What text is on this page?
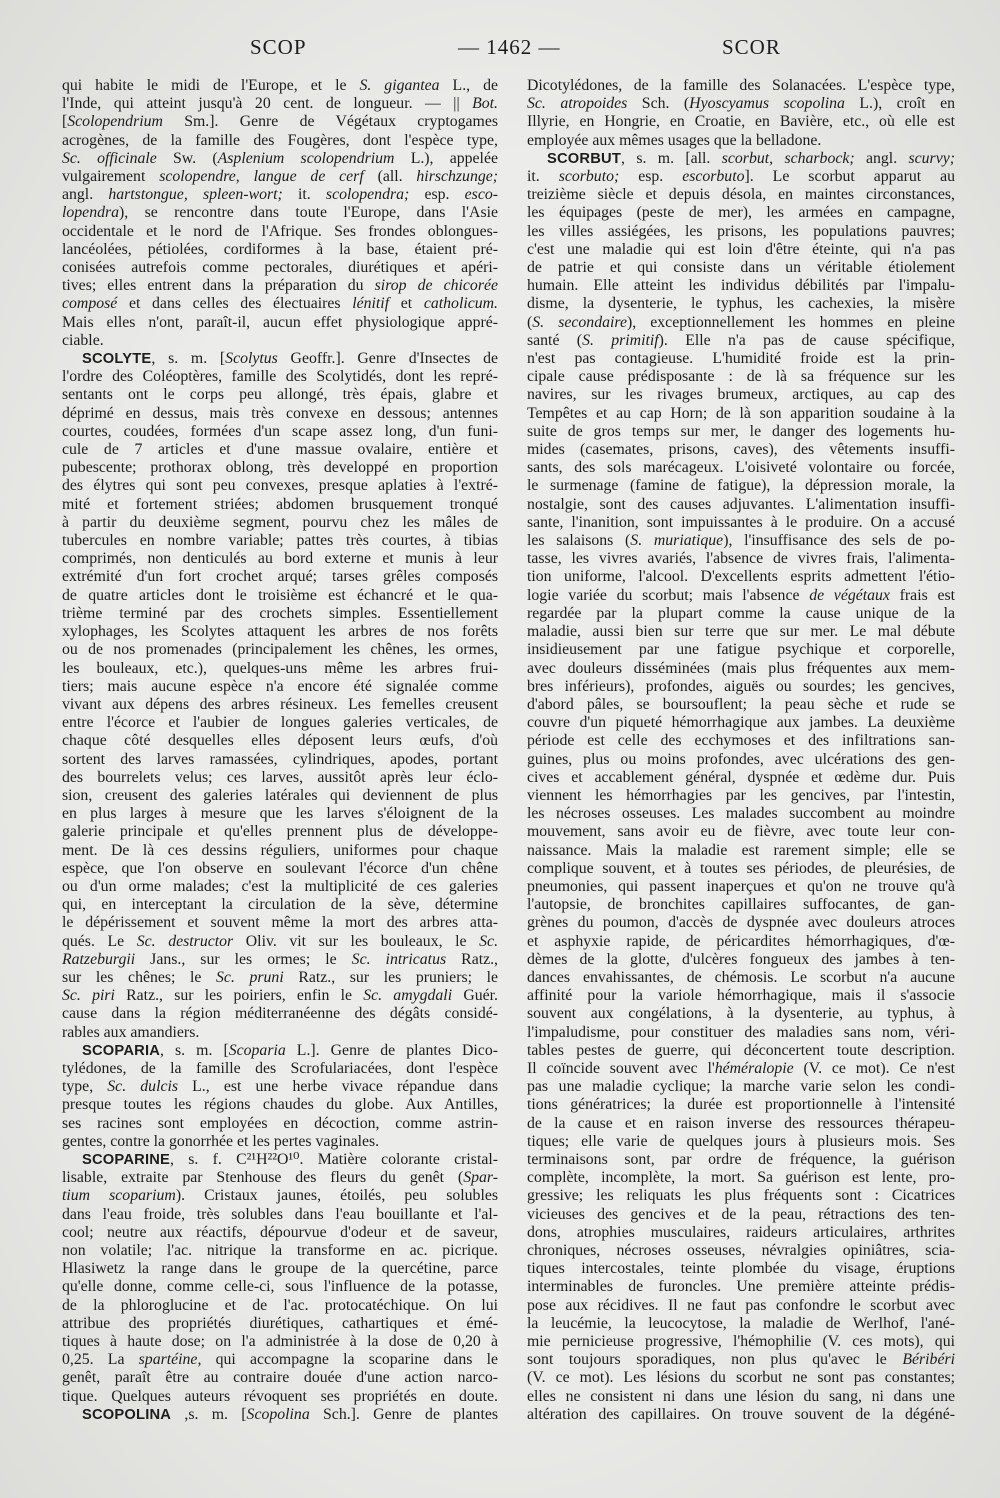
SCOP	— 1462 —	SCOR
qui habite le midi de l'Europe, et le S. gigantea L., de
l'Inde, qui atteint jusqu'à 20 cent. de longueur. — || Bot.
[Scolopendrium Sm.]. Genre de Végétaux cryptogames
acrogènes, de la famille des Fougères, dont l'espèce type,
Sc. officinale Sw. (Asplenium scolopendrium L.), appelée
vulgairement scolopendre, langue de cerf (all. hirschzunge;
angl. hartstongue, spleen-wort; it. scolopendra; esp. esco-
lopendra), se rencontre dans toute l'Europe, dans l'Asie
occidentale et le nord de l'Afrique. Ses frondes oblongues-
lancéolées, pétiolées, cordiformes à la base, étaient pré-
conisées autrefois comme pectorales, diurétiques et apéri-
tives; elles entrent dans la préparation du sirop de chicorée
composé et dans celles des électuaires lénitif et catholicum.
Mais elles n'ont, paraît-il, aucun effet physiologique appré-
ciable.
SCOLYTE, s. m. [Scolytus Geoffr.]. Genre d'Insectes de
l'ordre des Coléoptères, famille des Scolytidés, dont les repré-
sentants ont le corps peu allongé, très épais, glabre et
déprimé en dessus, mais très convexe en dessous; antennes
courtes, coudées, formées d'un scape assez long, d'un funi-
cule de 7 articles et d'une massue ovalaire, entière et
pubescente; prothorax oblong, très developpé en proportion
des élytres qui sont peu convexes, presque aplaties à l'extré-
mité et fortement striées; abdomen brusquement tronqué
à partir du deuxième segment, pourvu chez les mâles de
tubercules en nombre variable; pattes très courtes, à tibias
comprimés, non denticulés au bord externe et munis à leur
extrémité d'un fort crochet arqué; tarses grêles composés
de quatre articles dont le troisième est échancré et le qua-
trième terminé par des crochets simples. Essentiellement
xylophages, les Scolytes attaquent les arbres de nos forêts
ou de nos promenades (principalement les chênes, les ormes,
les bouleaux, etc.), quelques-uns même les arbres frui-
tiers; mais aucune espèce n'a encore été signalée comme
vivant aux dépens des arbres résineux. Les femelles creusent
entre l'écorce et l'aubier de longues galeries verticales, de
chaque côté desquelles elles déposent leurs œufs, d'où
sortent des larves ramassées, cylindriques, apodes, portant
des bourrelets velus; ces larves, aussitôt après leur éclo-
sion, creusent des galeries latérales qui deviennent de plus
en plus larges à mesure que les larves s'éloignent de la
galerie principale et qu'elles prennent plus de développe-
ment. De là ces dessins réguliers, uniformes pour chaque
espèce, que l'on observe en soulevant l'écorce d'un chêne
ou d'un orme malades; c'est la multiplicité de ces galeries
qui, en interceptant la circulation de la sève, détermine
le dépérissement et souvent même la mort des arbres atta-
qués. Le Sc. destructor Oliv. vit sur les bouleaux, le Sc.
Ratzeburgii Jans., sur les ormes; le Sc. intricatus Ratz.,
sur les chênes; le Sc. pruni Ratz., sur les pruniers; le
Sc. piri Ratz., sur les poiriers, enfin le Sc. amygdali Guér.
cause dans la région méditerranéenne des dégâts considé-
rables aux amandiers.
SCOPARIA, s. m. [Scoparia L.]. Genre de plantes Dico-
tylédones, de la famille des Scrofulariacées, dont l'espèce
type, Sc. dulcis L., est une herbe vivace répandue dans
presque toutes les régions chaudes du globe. Aux Antilles,
ses racines sont employées en décoction, comme astrin-
gentes, contre la gonorrhée et les pertes vaginales.
SCOPARINE, s. f. C²¹H²²O¹⁰. Matière colorante cristal-
lisable, extraite par Stenhouse des fleurs du genêt (Spar-
tium scoparium). Cristaux jaunes, étoilés, peu solubles
dans l'eau froide, très solubles dans l'eau bouillante et l'al-
cool; neutre aux réactifs, dépourvue d'odeur et de saveur,
non volatile; l'ac. nitrique la transforme en ac. picrique.
Hlasiwetz la range dans le groupe de la quercétine, parce
qu'elle donne, comme celle-ci, sous l'influence de la potasse,
de la phloroglucine et de l'ac. protocatéchique. On lui
attribue des propriétés diurétiques, cathartiques et émé-
tiques à haute dose; on l'a administrée à la dose de 0,20 à
0,25. La spartéine, qui accompagne la scoparine dans le
genêt, paraît être au contraire douée d'une action narco-
tique. Quelques auteurs révoquent ses propriétés en doute.
SCOPOLINA ,s. m. [Scopolina Sch.]. Genre de plantes
Dicotylédones, de la famille des Solanacées. L'espèce type,
Sc. atropoides Sch. (Hyoscyamus scopolina L.), croît en
Illyrie, en Hongrie, en Croatie, en Bavière, etc., où elle est
employée aux mêmes usages que la belladone.
SCORBUT, s. m. [all. scorbut, scharbock; angl. scurvy;
it. scorbuto; esp. escorbuto]. Le scorbut apparut au
treizième siècle et depuis désola, en maintes circonstances,
les équipages (peste de mer), les armées en campagne,
les villes assiégées, les prisons, les populations pauvres;
c'est une maladie qui est loin d'être éteinte, qui n'a pas
de patrie et qui consiste dans un véritable étiolement
humain. Elle atteint les individus débilités par l'impalu-
disme, la dysenterie, le typhus, les cachexies, la misère
(S. secondaire), exceptionnellement les hommes en pleine
santé (S. primitif). Elle n'a pas de cause spécifique,
n'est pas contagieuse. L'humidité froide est la prin-
cipale cause prédisposante : de là sa fréquence sur les
navires, sur les rivages brumeux, arctiques, au cap des
Tempêtes et au cap Horn; de là son apparition soudaine à la
suite de gros temps sur mer, le danger des logements hu-
mides (casemates, prisons, caves), des vêtements insuffi-
sants, des sols marécageux. L'oisiveté volontaire ou forcée,
le surmenage (famine de fatigue), la dépression morale, la
nostalgie, sont des causes adjuvantes. L'alimentation insuffi-
sante, l'inanition, sont impuissantes à le produire. On a accusé
les salaisons (S. muriatique), l'insuffisance des sels de po-
tasse, les vivres avariés, l'absence de vivres frais, l'alimenta-
tion uniforme, l'alcool. D'excellents esprits admettent l'étio-
logie variée du scorbut; mais l'absence de végétaux frais est
regardée par la plupart comme la cause unique de la
maladie, aussi bien sur terre que sur mer. Le mal débute
insidieusement par une fatigue psychique et corporelle,
avec douleurs disséminées (mais plus fréquentes aux mem-
bres inférieurs), profondes, aiguës ou sourdes; les gencives,
d'abord pâles, se boursouflent; la peau sèche et rude se
couvre d'un piqueté hémorrhagique aux jambes. La deuxième
période est celle des ecchymoses et des infiltrations san-
guines, plus ou moins profondes, avec ulcérations des gen-
cives et accablement général, dyspnée et œdème dur. Puis
viennent les hémorrhagies par les gencives, par l'intestin,
les nécroses osseuses. Les malades succombent au moindre
mouvement, sans avoir eu de fièvre, avec toute leur con-
naissance. Mais la maladie est rarement simple; elle se
complique souvent, et à toutes ses périodes, de pleurésies, de
pneumonies, qui passent inaperçues et qu'on ne trouve qu'à
l'autopsie, de bronchites capillaires suffocantes, de gan-
grènes du poumon, d'accès de dyspnée avec douleurs atroces
et asphyxie rapide, de péricardites hémorrhagiques, d'œ-
dèmes de la glotte, d'ulcères fongueux des jambes à ten-
dances envahissantes, de chémosis. Le scorbut n'a aucune
affinité pour la variole hémorrhagique, mais il s'associe
souvent aux congélations, à la dysenterie, au typhus, à
l'impaludisme, pour constituer des maladies sans nom, véri-
tables pestes de guerre, qui déconcertent toute description.
Il coïncide souvent avec l'héméralopie (V. ce mot). Ce n'est
pas une maladie cyclique; la marche varie selon les condi-
tions génératrices; la durée est proportionnelle à l'intensité
de la cause et en raison inverse des ressources thérapeu-
tiques; elle varie de quelques jours à plusieurs mois. Ses
terminaisons sont, par ordre de fréquence, la guérison
complète, incomplète, la mort. Sa guérison est lente, pro-
gressive; les reliquats les plus fréquents sont : Cicatrices
vicieuses des gencives et de la peau, rétractions des ten-
dons, atrophies musculaires, raideurs articulaires, arthrites
chroniques, nécroses osseuses, névralgies opiniâtres, scia-
tiques intercostales, teinte plombée du visage, éruptions
interminables de furoncles. Une première atteinte prédis-
pose aux récidives. Il ne faut pas confondre le scorbut avec
la leucémie, la leucocytose, la maladie de Werlhof, l'ané-
mie pernicieuse progressive, l'hémophilie (V. ces mots), qui
sont toujours sporadiques, non plus qu'avec le Béribéri
(V. ce mot). Les lésions du scorbut ne sont pas constantes;
elles ne consistent ni dans une lésion du sang, ni dans une
altération des capillaires. On trouve souvent de la dégéné-
